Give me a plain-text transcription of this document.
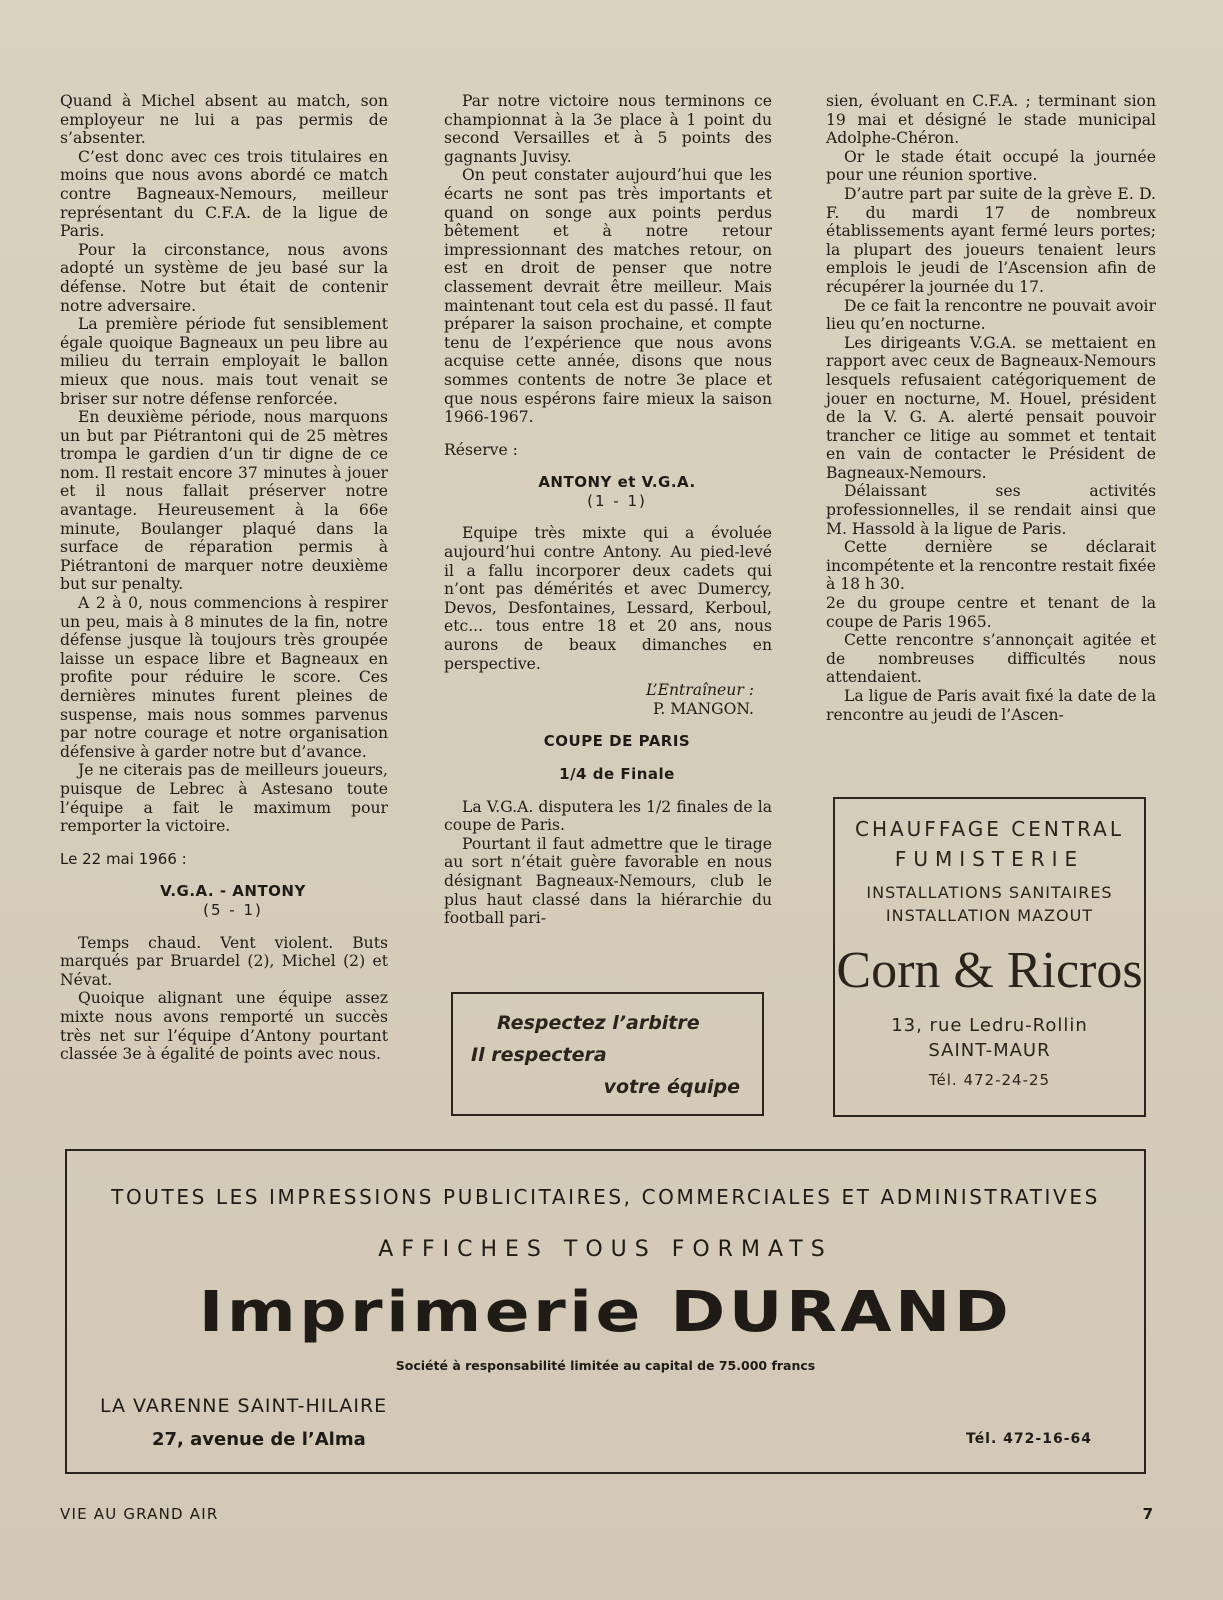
Quand à Michel absent au match, son employeur ne lui a pas permis de s’absenter.

C’est donc avec ces trois titulaires en moins que nous avons abordé ce match contre Bagneaux-Nemours, meilleur représentant du C.F.A. de la ligue de Paris.

Pour la circonstance, nous avons adopté un système de jeu basé sur la défense. Notre but était de contenir notre adversaire.

La première période fut sensiblement égale quoique Bagneaux un peu libre au milieu du terrain employait le ballon mieux que nous. mais tout venait se briser sur notre défense renforcée.

En deuxième période, nous marquons un but par Piétrantoni qui de 25 mètres trompa le gardien d’un tir digne de ce nom. Il restait encore 37 minutes à jouer et il nous fallait préserver notre avantage. Heureusement à la 66e minute, Boulanger plaqué dans la surface de réparation permis à Piétrantoni de marquer notre deuxième but sur penalty.

A 2 à 0, nous commencions à respirer un peu, mais à 8 minutes de la fin, notre défense jusque là toujours très groupée laisse un espace libre et Bagneaux en profite pour réduire le score. Ces dernières minutes furent pleines de suspense, mais nous sommes parvenus par notre courage et notre organisation défensive à garder notre but d’avance.

Je ne citerais pas de meilleurs joueurs, puisque de Lebrec à Astesano toute l’équipe a fait le maximum pour remporter la victoire.

Le 22 mai 1966 :

V.G.A. - ANTONY

(5 - 1)

Temps chaud. Vent violent. Buts marqués par Bruardel (2), Michel (2) et Névat.

Quoique alignant une équipe assez mixte nous avons remporté un succès très net sur l’équipe d’Antony pourtant classée 3e à égalité de points avec nous.

Par notre victoire nous terminons ce championnat à la 3e place à 1 point du second Versailles et à 5 points des gagnants Juvisy.

On peut constater aujourd’hui que les écarts ne sont pas très importants et quand on songe aux points perdus bêtement et à notre retour impressionnant des matches retour, on est en droit de penser que notre classement devrait être meilleur. Mais maintenant tout cela est du passé. Il faut préparer la saison prochaine, et compte tenu de l’expérience que nous avons acquise cette année, disons que nous sommes contents de notre 3e place et que nous espérons faire mieux la saison 1966-1967.

Réserve :

ANTONY et V.G.A.

(1 - 1)

Equipe très mixte qui a évoluée aujourd’hui contre Antony. Au pied-levé il a fallu incorporer deux cadets qui n’ont pas démérités et avec Dumercy, Devos, Desfontaines, Lessard, Kerboul, etc... tous entre 18 et 20 ans, nous aurons de beaux dimanches en perspective.

L’Entraîneur :

P. MANGON.

COUPE DE PARIS

1/4 de Finale

La V.G.A. disputera les 1/2 finales de la coupe de Paris.

Pourtant il faut admettre que le tirage au sort n’était guère favorable en nous désignant Bagneaux-Nemours, club le plus haut classé dans la hiérarchie du football pari-

sien, évoluant en C.F.A. ; terminant sion 19 mai et désigné le stade municipal Adolphe-Chéron.

Or le stade était occupé la journée pour une réunion sportive.

D’autre part par suite de la grève E. D. F. du mardi 17 de nombreux établissements ayant fermé leurs portes; la plupart des joueurs tenaient leurs emplois le jeudi de l’Ascension afin de récupérer la journée du 17.

De ce fait la rencontre ne pouvait avoir lieu qu’en nocturne.

Les dirigeants V.G.A. se mettaient en rapport avec ceux de Bagneaux-Nemours lesquels refusaient catégoriquement de jouer en nocturne, M. Houel, président de la V. G. A. alerté pensait pouvoir trancher ce litige au sommet et tentait en vain de contacter le Président de Bagneaux-Nemours.

Délaissant ses activités professionnelles, il se rendait ainsi que M. Hassold à la ligue de Paris.

Cette dernière se déclarait incompétente et la rencontre restait fixée à 18 h 30.

2e du groupe centre et tenant de la coupe de Paris 1965.

Cette rencontre s’annonçait agitée et de nombreuses difficultés nous attendaient.

La ligue de Paris avait fixé la date de la rencontre au jeudi de l’Ascen-

Respectez l’arbitre
Il respectera
votre équipe
CHAUFFAGE CENTRAL
FUMISTERIE
INSTALLATIONS SANITAIRES
INSTALLATION MAZOUT
Corn & Ricros
13, rue Ledru-Rollin
SAINT-MAUR
Tél. 472-24-25
TOUTES LES IMPRESSIONS PUBLICITAIRES, COMMERCIALES ET ADMINISTRATIVES
AFFICHES TOUS FORMATS
Imprimerie DURAND
Société à responsabilité limitée au capital de 75.000 francs
LA VARENNE SAINT-HILAIRE
27, avenue de l’Alma	Tél. 472-16-64
VIE AU GRAND AIR	7
